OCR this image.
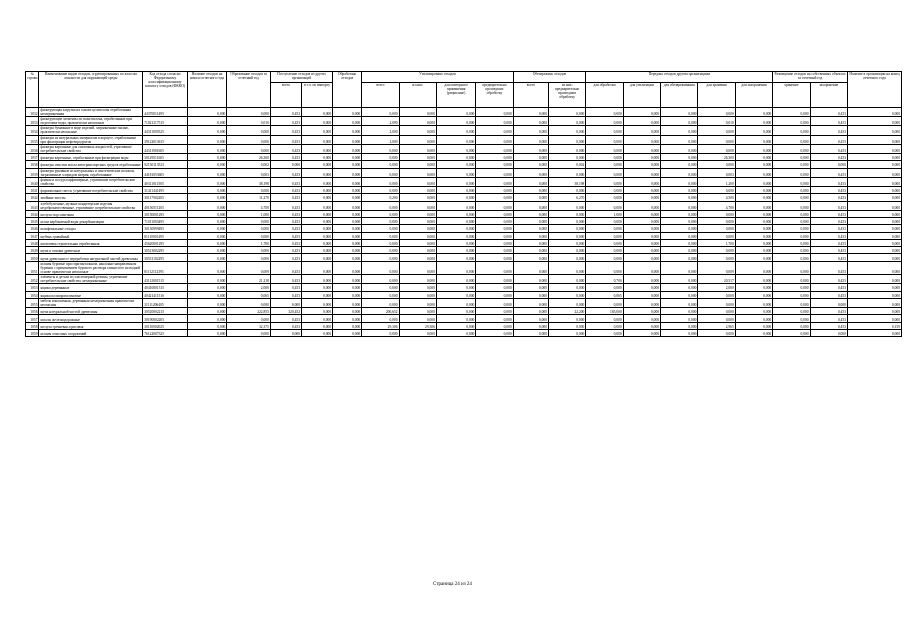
№ строки	Наименование видов отходов, сгруппированных по классам опасности для окружающей среды	Код отхода согласно Федеральному классификационному каталогу отходов (ФККО)	Наличие отходов на начало отчетного года	Образование отходов за отчетный год	Поступление отходов из других организаций		Обработано отходов	Утилизировано отходов				Обезврежено отходов		Передача отходов другим организациям					Размещение отходов на собственных объектах за отчетный год		Наличие в организации на конец отчетного года
					всего	в т.ч. по импорту		всего	из них:	для повторного применения (рециклинг)	предварительно прошедших обработку	всего	из них: предварительно прошедших обработку	для обработки	для утилизации	для обезвреживания	для хранения	для захоронения	хранение	захоронение	
1032	фильтрующая загрузка на основе целлюлозы отработанная незагрязненная	44370011495	0,000	0,000	0,453	0,000	0,000	0,000	0,000	0,000	0,000	0,000	0,000	0,000	0,000	0,000	0,000	0,000	0,000	0,453	0,000
1033	фильтрующие элементы из полиэтилена, отработанные при подготовке воды, практически неопасные	71021217515	0,000	0,010	0,453	0,000	0,000	2,090	0,000	0,000	0,000	0,000	0,000	0,000	0,000	0,000	0,010	0,000	0,000	0,453	0,000
1034	фильтры бумажные в виде изделий, загрязненные пылью, практически неопасные	44311005525	0,000	0,000	0,453	0,000	0,000	2,000	0,000	0,000	0,000	0,000	0,000	0,000	0,000	0,000	0,000	0,000	0,000	0,453	0,000
1035	фильтры из натуральных материалов в корпусе, отработанные при фильтрации нефтепродуктов	39122013615	0,000	0,000	0,453	0,000	0,000	2,000	0,000	0,000	0,000	0,000	0,000	0,000	0,000	0,000	0,000	0,000	0,000	0,453	0,000
1036	фильтры картонные для смазочных жидкостей, утратившие потребительские свойства	44311901605	0,000	0,000	0,453	0,000	0,000	0,000	0,000	0,000	0,000	0,000	0,000	0,000	0,000	0,000	0,000	0,000	0,000	0,453	0,000
1037	фильтры картонные, отработанные при фильтрации воды	30129511605	0,000	26,300	0,453	0,000	0,000	0,000	0,000	0,000	0,000	0,000	0,000	0,000	0,000	0,000	26,300	0,000	0,000	0,453	0,000
1038	фильтры очистки масла автотранспортных средств отработанные	92130113523	0,000	0,002	0,000	0,000	0,000	0,000	0,000	0,000	0,000	0,000	0,002	0,000	0,000	0,000	0,000	0,000	0,000	0,000	0,000
1039	фильтры рукавные из натуральных и синтетических волокон, загрязненные хлоридом натрия, отработанные	44181053605	0,000	0,003	0,453	0,000	0,000	0,000	0,000	0,000	0,000	0,000	0,000	0,000	0,000	0,000	0,003	0,000	0,000	0,453	0,000
1040	флакон и посуда парфюмерные, утратившие потребительские свойства	40311011505	0,000	38,198	0,453	0,000	0,000	0,000	0,000	0,000	0,000	0,000	38,198	0,000	0,000	0,000	1,200	0,000	0,000	0,453	0,000
1041	формовочные смеси, утратившие потребительские свойства	31411441495	0,000	0,000	0,453	0,000	0,000	0,000	0,000	0,000	0,000	0,000	0,000	0,000	0,000	0,000	0,000	0,000	0,000	0,453	0,000
1042	хвойные хвосты	30117902205	0,000	11,270	0,453	0,000	0,000	0,200	0,000	0,000	0,000	0,000	6,270	0,000	0,000	0,000	4,500	0,000	0,000	0,453	0,000
1043	хлебобулочные, мучные кондитерские изделия недоброкачественные, утратившие потребительские свойства	40150511205	0,000	4,700	0,453	0,000	0,000	0,000	0,000	0,000	0,000	0,000	0,000	0,000	0,000	0,000	4,700	0,000	0,000	0,453	0,000
1044	шелуха подсолнечная	30150001295	0,000	1,000	0,453	0,000	0,000	0,000	0,000	0,000	0,000	0,000	0,000	1,000	0,000	0,000	0,000	0,000	0,000	0,453	0,000
1045	шлам карбонатный воды декарбонизации	71011003495	0,000	0,000	0,453	0,000	0,000	0,000	0,000	0,000	0,000	0,000	0,000	0,000	0,000	0,000	0,000	0,000	0,000	0,453	0,000
1046	шлифовальные отходы	30130999495	0,000	0,000	0,453	0,000	0,000	0,000	0,000	0,000	0,000	0,000	0,000	0,000	0,000	0,000	0,000	0,000	0,000	0,453	0,000
1047	щебень гравийный	81110001495	0,000	0,000	0,453	0,000	0,000	0,000	0,000	0,000	0,000	0,000	0,000	0,000	0,000	0,000	0,000	0,000	0,000	0,453	0,000
1048	шпатлевка строительная отработанная	45620001295	0,000	1,700	0,453	0,000	0,000	0,000	0,000	0,000	0,000	0,000	0,000	0,000	0,000	0,000	1,700	0,000	0,000	0,453	0,000
1049	щепа и опилки древесные	30513002295	0,000	0,000	0,453	0,000	0,000	0,000	0,000	0,000	0,000	0,000	0,000	0,000	0,000	0,000	0,000	0,000	0,000	0,453	0,000
1050	щепа древесная от переработки натуральной чистой древесины	30531102295	0,000	0,000	0,453	0,000	0,000	0,000	0,000	0,000	0,000	0,000	0,000	0,000	0,000	0,000	0,000	0,000	0,000	0,453	0,000
1051	шламы буровые при горизонтальном, наклонно-направленном бурении с применением бурового раствора глинистого на водной основе практически неопасные	81112112395	0,000	0,009	0,453	0,000	0,000	0,000	0,000	0,000	0,000	0,000	0,000	0,000	0,000	0,000	0,009	0,000	0,000	0,453	0,000
1052	элементы и детали из эластомерной резины, утратившие потребительские свойства, незагрязненные	43112001515	0,000	21,218	0,453	0,000	0,000	0,000	0,000	0,000	0,000	0,000	0,000	0,700	0,000	0,000	20,517	0,000	0,000	0,453	0,000
1053	ящики деревянные	40410001515	0,000	2,000	0,453	0,000	0,000	0,000	0,000	0,000	0,000	0,000	0,000	0,000	0,000	0,000	2,000	0,000	0,000	0,453	0,000
1054	ящики полипропиленовые	40421411516	0,000	0,065	0,453	0,000	0,000	0,000	0,000	0,000	0,000	0,000	0,000	0,065	0,000	0,000	0,000	0,000	0,000	0,453	0,000
1055	мебель изношенная, деревянная незагрязненная практически неопасная	31111206405	0,000	0,000	0,000	0,000	0,000	0,000	0,000	0,000	0,000	0,000	0,000	0,000	0,000	0,000	0,000	0,000	0,000	0,000	0,000
1056	щепа натуральной чистой древесины	30520002215	0,000	222,855	320,452	0,000	0,000	206,652	0,000	0,000	0,000	0,000	22,200	165,000	0,000	0,000	0,000	0,000	0,000	0,453	0,000
1057	шпалы железнодорожные	30190002205	0,000	0,000	0,453	0,000	0,000	0,000	0,000	0,000	0,000	0,000	0,000	0,000	0,000	0,000	0,000	0,000	0,000	0,453	0,000
1058	шелуха гречневая и рисовая	30110002025	0,000	32,375	0,453	0,000	0,000	29,306	29,306	0,000	0,000	0,000	0,000	0,000	0,000	0,000	2,965	0,000	0,000	0,453	0,159
1059	шламы очистных сооружений	76122007325	0,000	0,000	0,000	0,000	0,000	0,000	0,000	0,000	0,000	0,000	0,000	0,000	0,000	0,000	0,000	0,000	0,000	0,000	0,000
Страница 24 из 24
